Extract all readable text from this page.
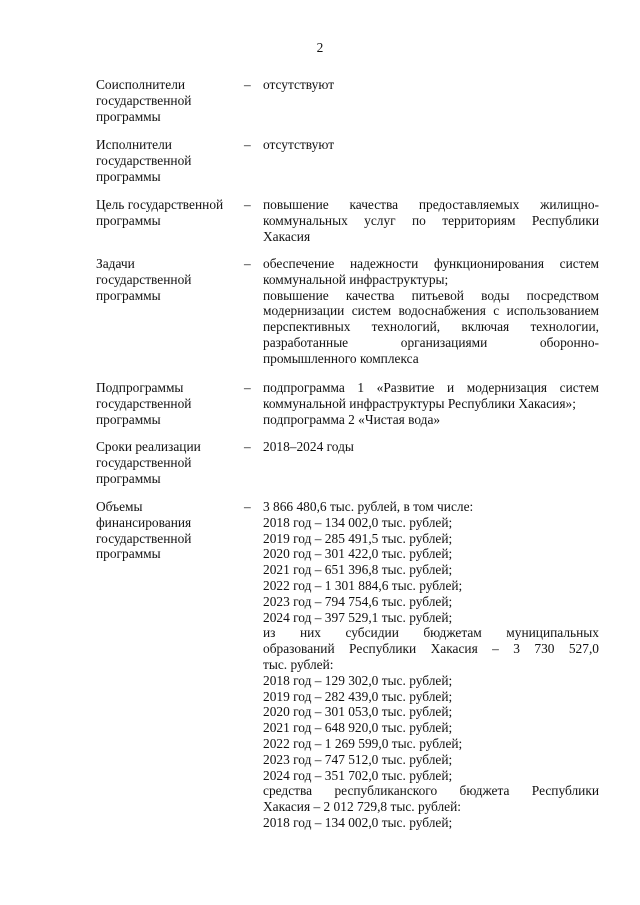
2
Соисполнители
государственной
программы
– отсутствуют
Исполнители
государственной
программы
– отсутствуют
Цель государственной
программы
– повышение качества предоставляемых жилищно-
коммунальных услуг по территориям Республики
Хакасия
Задачи
государственной
программы
– обеспечение надежности функционирования систем
коммунальной инфраструктуры;
повышение качества питьевой воды посредством
модернизации систем водоснабжения с использованием
перспективных технологий, включая технологии,
разработанные организациями оборонно-
промышленного комплекса
Подпрограммы
государственной
программы
– подпрограмма 1 «Развитие и модернизация систем
коммунальной инфраструктуры Республики Хакасия»;
подпрограмма 2 «Чистая вода»
Сроки реализации
государственной
программы
– 2018–2024 годы
Объемы
финансирования
государственной
программы
– 3 866 480,6 тыс. рублей, в том числе:
2018 год – 134 002,0 тыс. рублей;
2019 год – 285 491,5 тыс. рублей;
2020 год – 301 422,0 тыс. рублей;
2021 год – 651 396,8 тыс. рублей;
2022 год – 1 301 884,6 тыс. рублей;
2023 год – 794 754,6 тыс. рублей;
2024 год – 397 529,1 тыс. рублей;
из них субсидии бюджетам муниципальных
образований Республики Хакасия – 3 730 527,0
тыс. рублей:
2018 год – 129 302,0 тыс. рублей;
2019 год – 282 439,0 тыс. рублей;
2020 год – 301 053,0 тыс. рублей;
2021 год – 648 920,0 тыс. рублей;
2022 год – 1 269 599,0 тыс. рублей;
2023 год – 747 512,0 тыс. рублей;
2024 год – 351 702,0 тыс. рублей;
средства республиканского бюджета Республики
Хакасия – 2 012 729,8 тыс. рублей:
2018 год – 134 002,0 тыс. рублей;
